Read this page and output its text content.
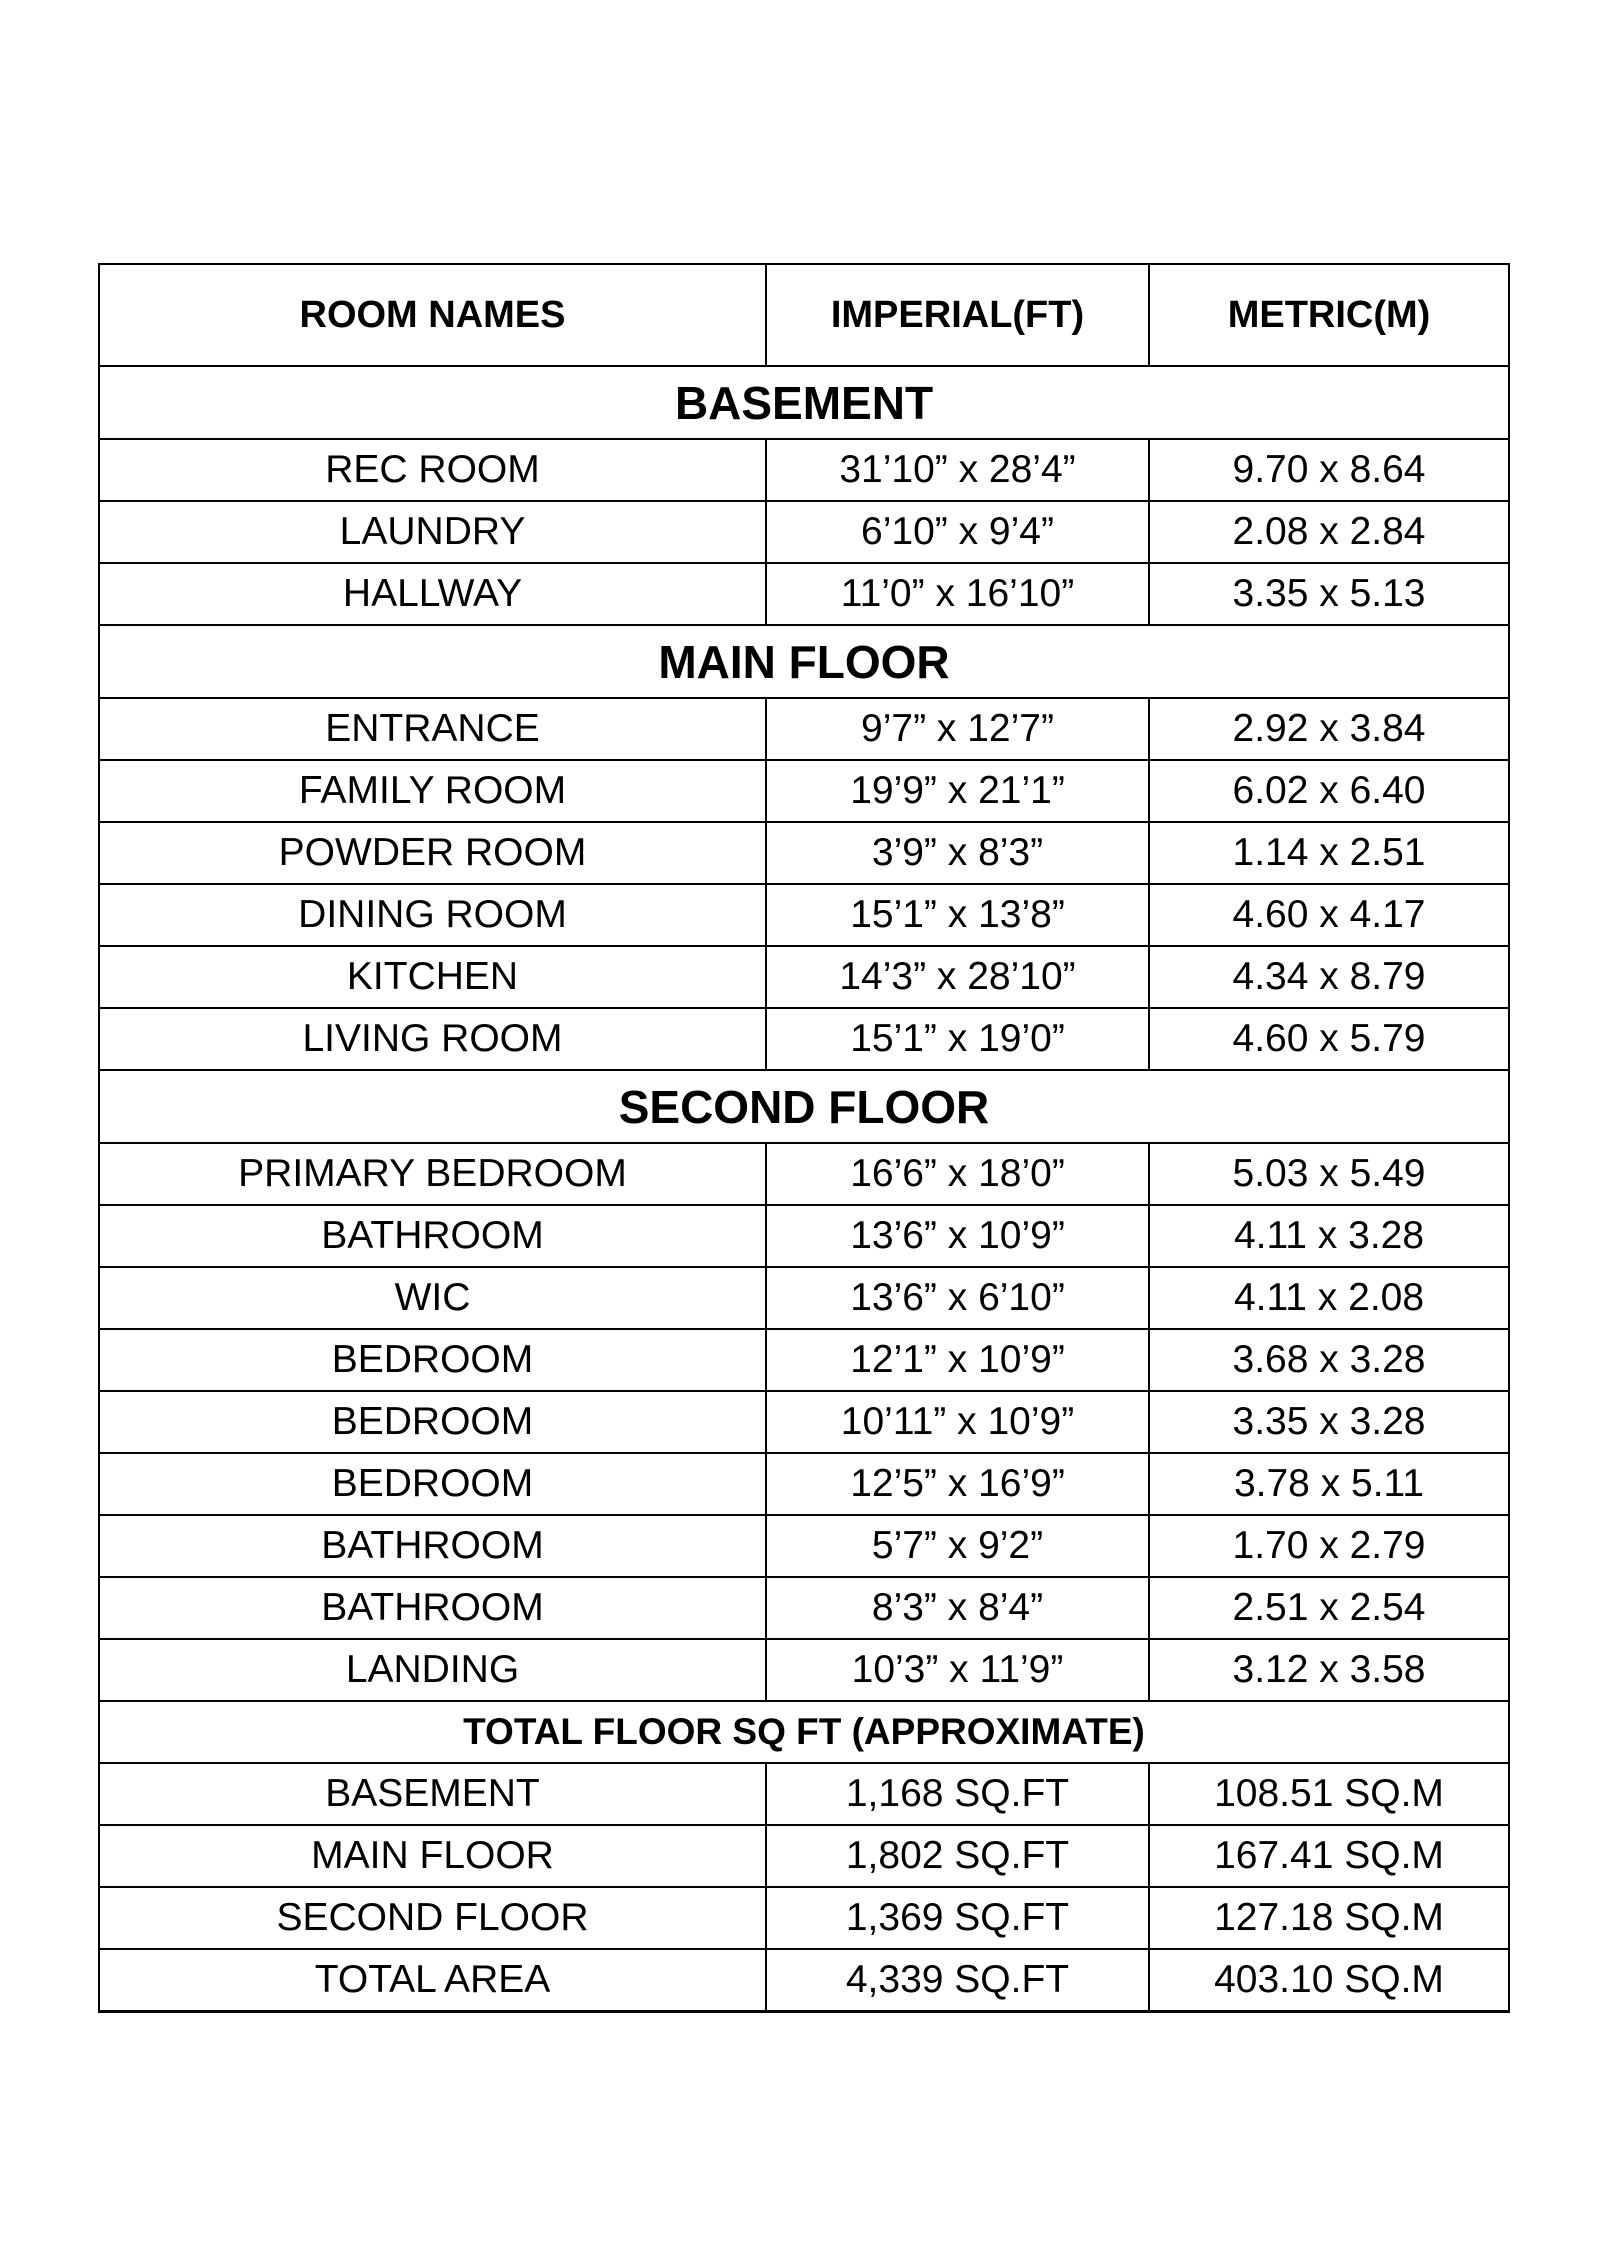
ROOM NAMES	IMPERIAL(FT)	METRIC(M)
BASEMENT		
REC ROOM	31’10” x 28’4”	9.70 x 8.64
LAUNDRY	6’10” x 9’4”	2.08 x 2.84
HALLWAY	11’0” x 16’10”	3.35 x 5.13
MAIN FLOOR		
ENTRANCE	9’7” x 12’7”	2.92 x 3.84
FAMILY ROOM	19’9” x 21’1”	6.02 x 6.40
POWDER ROOM	3’9” x 8’3”	1.14 x 2.51
DINING ROOM	15’1” x 13’8”	4.60 x 4.17
KITCHEN	14’3” x 28’10”	4.34 x 8.79
LIVING ROOM	15’1” x 19’0”	4.60 x 5.79
SECOND FLOOR		
PRIMARY BEDROOM	16’6” x 18’0”	5.03 x 5.49
BATHROOM	13’6” x 10’9”	4.11 x 3.28
WIC	13’6” x 6’10”	4.11 x 2.08
BEDROOM	12’1” x 10’9”	3.68 x 3.28
BEDROOM	10’11” x 10’9”	3.35 x 3.28
BEDROOM	12’5” x 16’9”	3.78 x 5.11
BATHROOM	5’7” x 9’2”	1.70 x 2.79
BATHROOM	8’3” x 8’4”	2.51 x 2.54
LANDING	10’3” x 11’9”	3.12 x 3.58
TOTAL FLOOR SQ FT (APPROXIMATE)		
BASEMENT	1,168 SQ.FT	108.51 SQ.M
MAIN FLOOR	1,802 SQ.FT	167.41 SQ.M
SECOND FLOOR	1,369 SQ.FT	127.18 SQ.M
TOTAL AREA	4,339 SQ.FT	403.10 SQ.M
